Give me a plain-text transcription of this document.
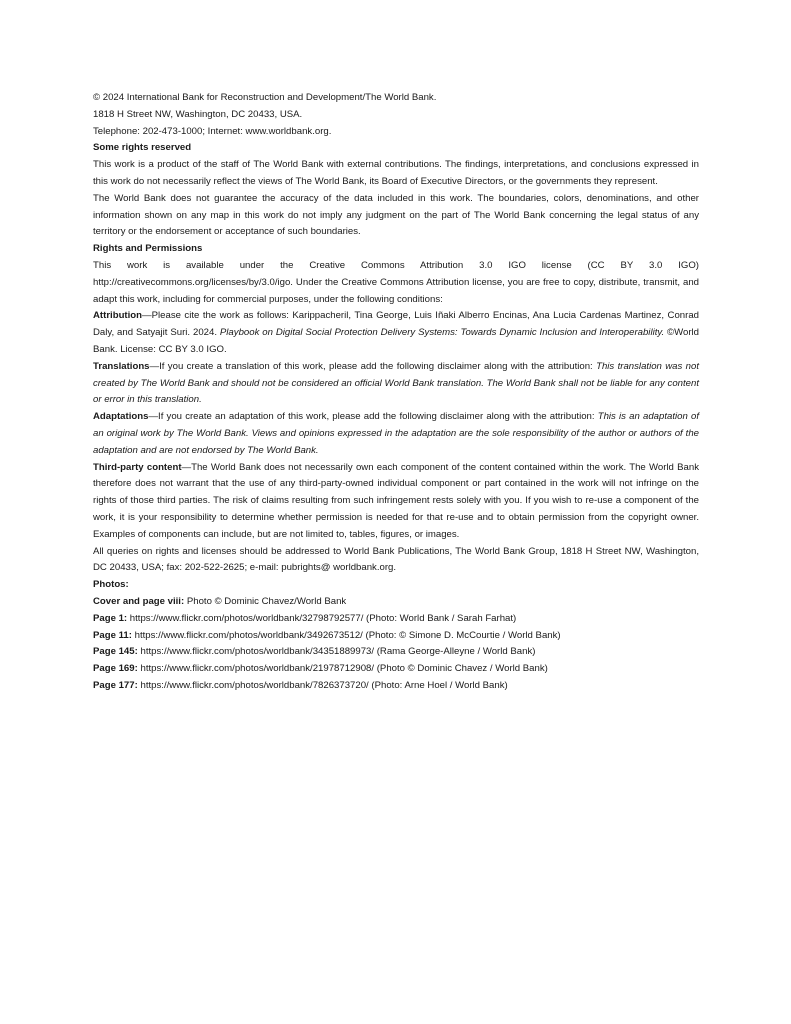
© 2024 International Bank for Reconstruction and Development/The World Bank.

1818 H Street NW, Washington, DC 20433, USA.
Telephone: 202-473-1000; Internet: www.worldbank.org.

Some rights reserved

This work is a product of the staff of The World Bank with external contributions. The findings, interpretations, and conclusions expressed in this work do not necessarily reflect the views of The World Bank, its Board of Executive Directors, or the governments they represent.

The World Bank does not guarantee the accuracy of the data included in this work. The boundaries, colors, denominations, and other information shown on any map in this work do not imply any judgment on the part of The World Bank concerning the legal status of any territory or the endorsement or acceptance of such boundaries.

Rights and Permissions

This work is available under the Creative Commons Attribution 3.0 IGO license (CC BY 3.0 IGO) http://creativecommons.org/licenses/by/3.0/igo. Under the Creative Commons Attribution license, you are free to copy, distribute, transmit, and adapt this work, including for commercial purposes, under the following conditions:

Attribution—Please cite the work as follows: Karippacheril, Tina George, Luis Iñaki Alberro Encinas, Ana Lucia Cardenas Martinez, Conrad Daly, and Satyajit Suri. 2024. Playbook on Digital Social Protection Delivery Systems: Towards Dynamic Inclusion and Interoperability. ©World Bank. License: CC BY 3.0 IGO.

Translations—If you create a translation of this work, please add the following disclaimer along with the attribution: This translation was not created by The World Bank and should not be considered an official World Bank translation. The World Bank shall not be liable for any content or error in this translation.

Adaptations—If you create an adaptation of this work, please add the following disclaimer along with the attribution: This is an adaptation of an original work by The World Bank. Views and opinions expressed in the adaptation are the sole responsibility of the author or authors of the adaptation and are not endorsed by The World Bank.

Third-party content—The World Bank does not necessarily own each component of the content contained within the work. The World Bank therefore does not warrant that the use of any third-party-owned individual component or part contained in the work will not infringe on the rights of those third parties. The risk of claims resulting from such infringement rests solely with you. If you wish to re-use a component of the work, it is your responsibility to determine whether permission is needed for that re-use and to obtain permission from the copyright owner. Examples of components can include, but are not limited to, tables, figures, or images.

All queries on rights and licenses should be addressed to World Bank Publications, The World Bank Group, 1818 H Street NW, Washington, DC 20433, USA; fax: 202-522-2625; e-mail: pubrights@ worldbank.org.

Photos:

Cover and page viii: Photo © Dominic Chavez/World Bank
Page 1: https://www.flickr.com/photos/worldbank/32798792577/ (Photo: World Bank / Sarah Farhat)
Page 11: https://www.flickr.com/photos/worldbank/3492673512/ (Photo: © Simone D. McCourtie / World Bank)
Page 145: https://www.flickr.com/photos/worldbank/34351889973/ (Rama George-Alleyne / World Bank)
Page 169: https://www.flickr.com/photos/worldbank/21978712908/ (Photo © Dominic Chavez / World Bank)
Page 177: https://www.flickr.com/photos/worldbank/7826373720/ (Photo: Arne Hoel / World Bank)
